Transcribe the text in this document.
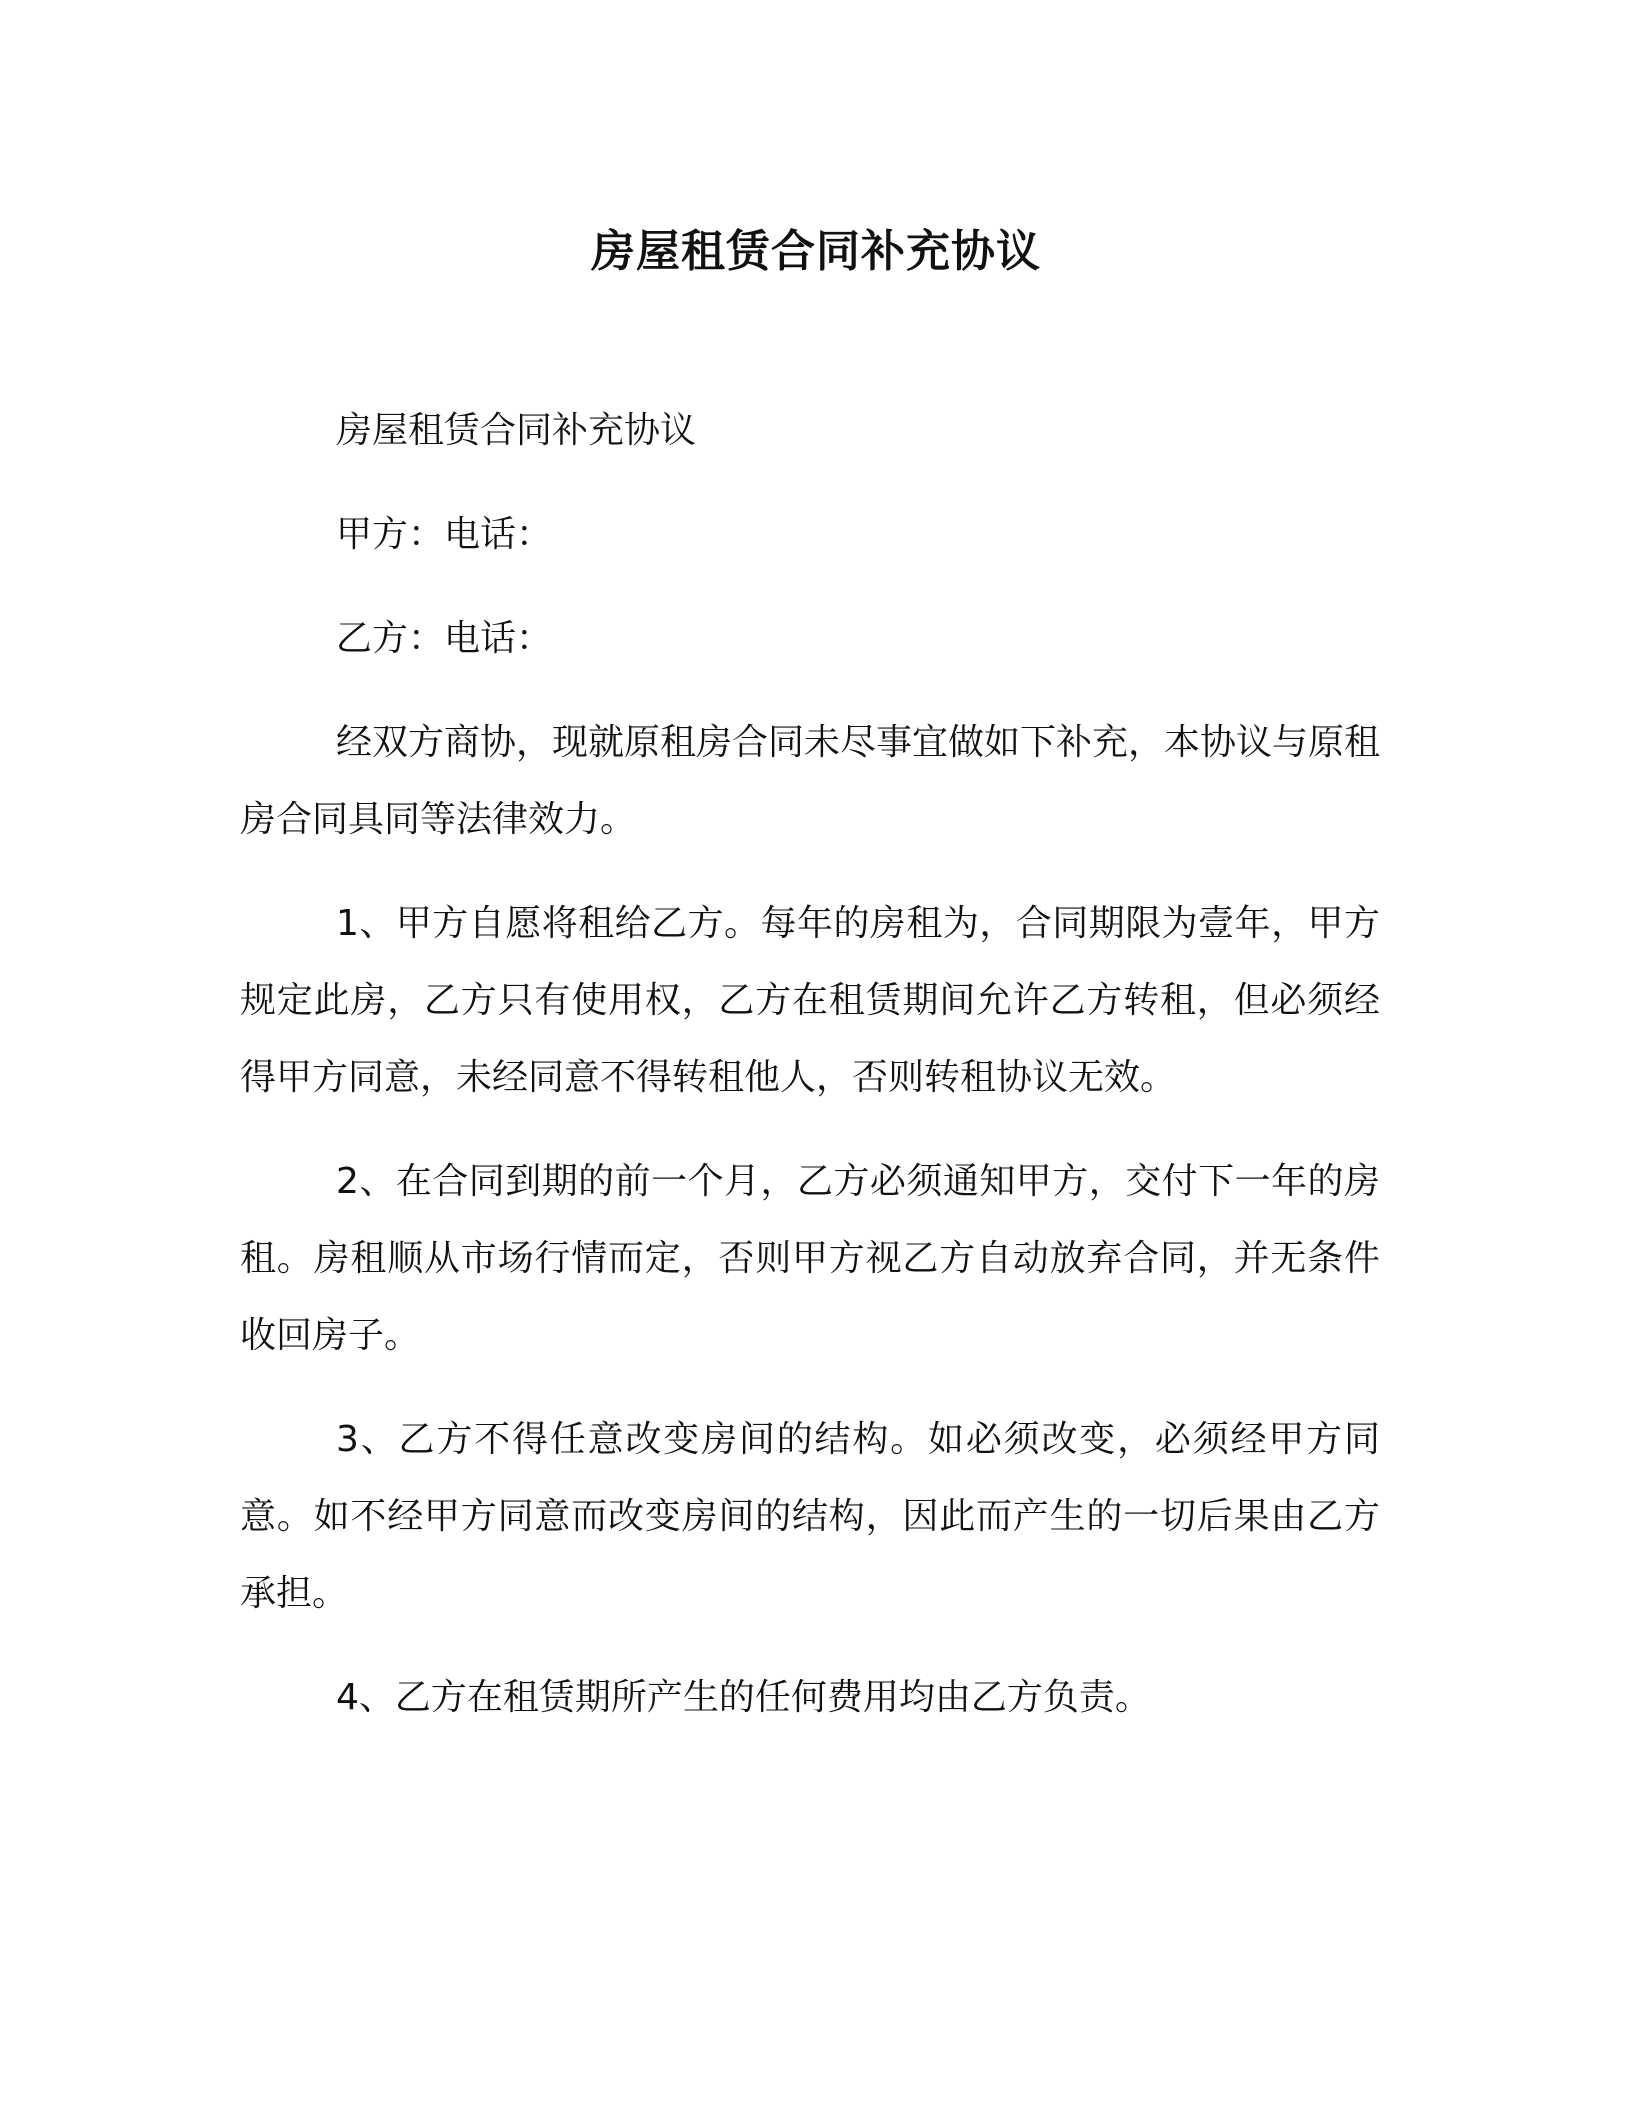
房屋租赁合同补充协议

房屋租赁合同补充协议

甲方：电话：

乙方：电话：

经双方商协，现就原租房合同未尽事宜做如下补充，本协议与原租房合同具同等法律效力。

1、甲方自愿将租给乙方。每年的房租为，合同期限为壹年，甲方规定此房，乙方只有使用权，乙方在租赁期间允许乙方转租，但必须经得甲方同意，未经同意不得转租他人，否则转租协议无效。

2、在合同到期的前一个月，乙方必须通知甲方，交付下一年的房租。房租顺从市场行情而定，否则甲方视乙方自动放弃合同，并无条件收回房子。

3、乙方不得任意改变房间的结构。如必须改变，必须经甲方同意。如不经甲方同意而改变房间的结构，因此而产生的一切后果由乙方承担。

4、乙方在租赁期所产生的任何费用均由乙方负责。
